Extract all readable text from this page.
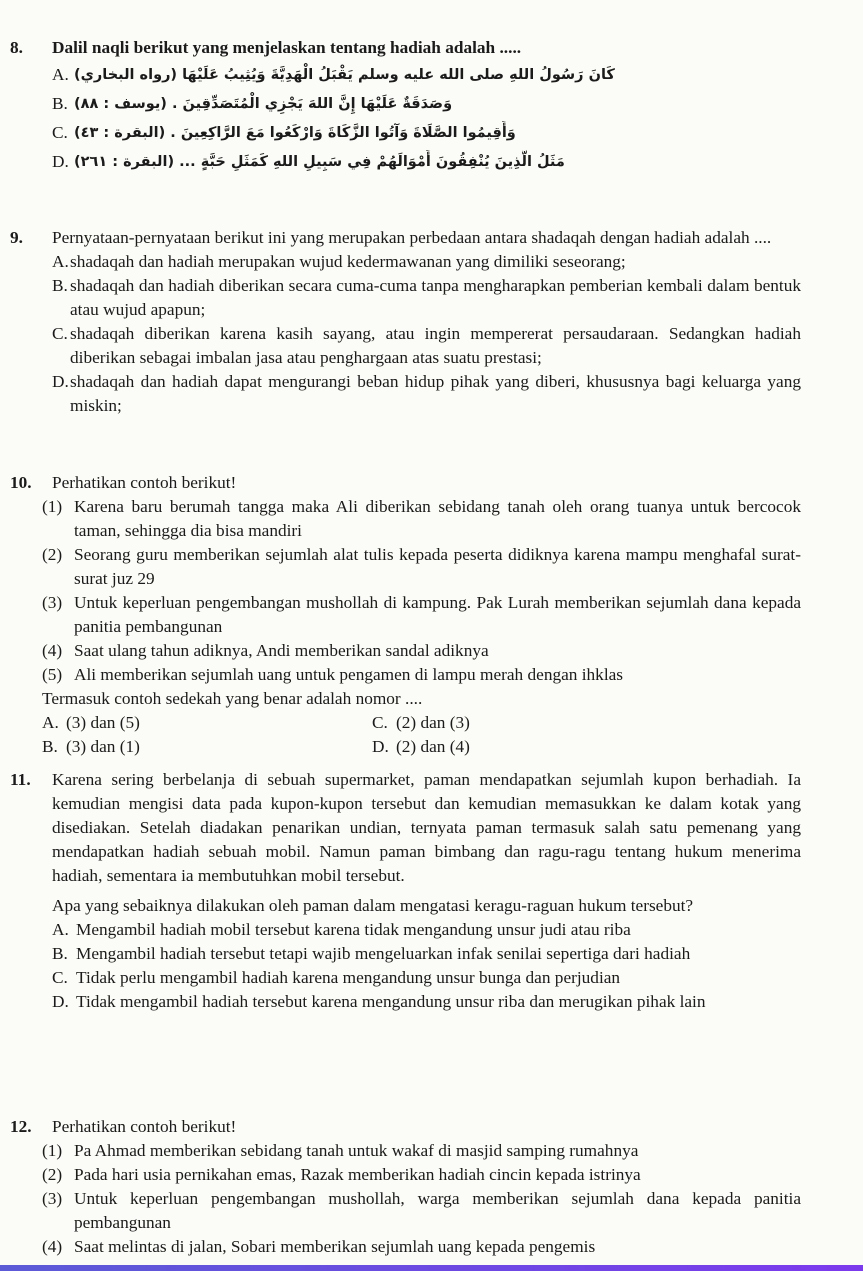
8.	Dalil naqli berikut yang menjelaskan tentang hadiah adalah .....
A. كَانَ رَسُولُ اللهِ صلى الله عليه وسلم يَقْبَلُ الْهَدِيَّةَ وَيُثِيبُ عَلَيْهَا (رواه البخاري)
B. وَصَدَقَةٌ عَلَيْهَا إِنَّ اللهَ يَجْزِي الْمُتَصَدِّقِينَ . (يوسف : ٨٨)
C. وَأَقِيمُوا الصَّلَاةَ وَآتُوا الزَّكَاةَ وَارْكَعُوا مَعَ الرَّاكِعِينَ . (البقرة : ٤٣)
D. مَثَلُ الَّذِينَ يُنْفِقُونَ أَمْوَالَهُمْ فِي سَبِيلِ اللهِ كَمَثَلِ حَبَّةٍ ... (البقرة : ٢٦١)
9.	Pernyataan-pernyataan berikut ini yang merupakan perbedaan antara shadaqah dengan hadiah adalah ....
A. shadaqah dan hadiah merupakan wujud kedermawanan yang dimiliki seseorang;
B. shadaqah dan hadiah diberikan secara cuma-cuma tanpa mengharapkan pemberian kembali dalam bentuk atau wujud apapun;
C. shadaqah diberikan karena kasih sayang, atau ingin mempererat persaudaraan. Sedangkan hadiah diberikan sebagai imbalan jasa atau penghargaan atas suatu prestasi;
D. shadaqah dan hadiah dapat mengurangi beban hidup pihak yang diberi, khususnya bagi keluarga yang miskin;
10.	Perhatikan contoh berikut!
(1) Karena baru berumah tangga maka Ali diberikan sebidang tanah oleh orang tuanya untuk bercocok taman, sehingga dia bisa mandiri
(2) Seorang guru memberikan sejumlah alat tulis kepada peserta didiknya karena mampu menghafal surat-surat juz 29
(3) Untuk keperluan pengembangan mushollah di kampung. Pak Lurah memberikan sejumlah dana kepada panitia pembangunan
(4) Saat ulang tahun adiknya, Andi memberikan sandal adiknya
(5) Ali memberikan sejumlah uang untuk pengamen di lampu merah dengan ihklas
Termasuk contoh sedekah yang benar adalah nomor ....
A. (3) dan (5)	C. (2) dan (3)
B. (3) dan (1)	D. (2) dan (4)
11.	Karena sering berbelanja di sebuah supermarket, paman mendapatkan sejumlah kupon berhadiah. Ia kemudian mengisi data pada kupon-kupon tersebut dan kemudian memasukkan ke dalam kotak yang disediakan. Setelah diadakan penarikan undian, ternyata paman termasuk salah satu pemenang yang mendapatkan hadiah sebuah mobil. Namun paman bimbang dan ragu-ragu tentang hukum menerima hadiah, sementara ia membutuhkan mobil tersebut.
Apa yang sebaiknya dilakukan oleh paman dalam mengatasi keragu-raguan hukum tersebut?
A. Mengambil hadiah mobil tersebut karena tidak mengandung unsur judi atau riba
B. Mengambil hadiah tersebut tetapi wajib mengeluarkan infak senilai sepertiga dari hadiah
C. Tidak perlu mengambil hadiah karena mengandung unsur bunga dan perjudian
D. Tidak mengambil hadiah tersebut karena mengandung unsur riba dan merugikan pihak lain
12.	Perhatikan contoh berikut!
(1) Pa Ahmad memberikan sebidang tanah untuk wakaf di masjid samping rumahnya
(2) Pada hari usia pernikahan emas, Razak memberikan hadiah cincin kepada istrinya
(3) Untuk keperluan pengembangan mushollah, warga memberikan sejumlah dana kepada panitia pembangunan
(4) Saat melintas di jalan, Sobari memberikan sejumlah uang kepada pengemis
